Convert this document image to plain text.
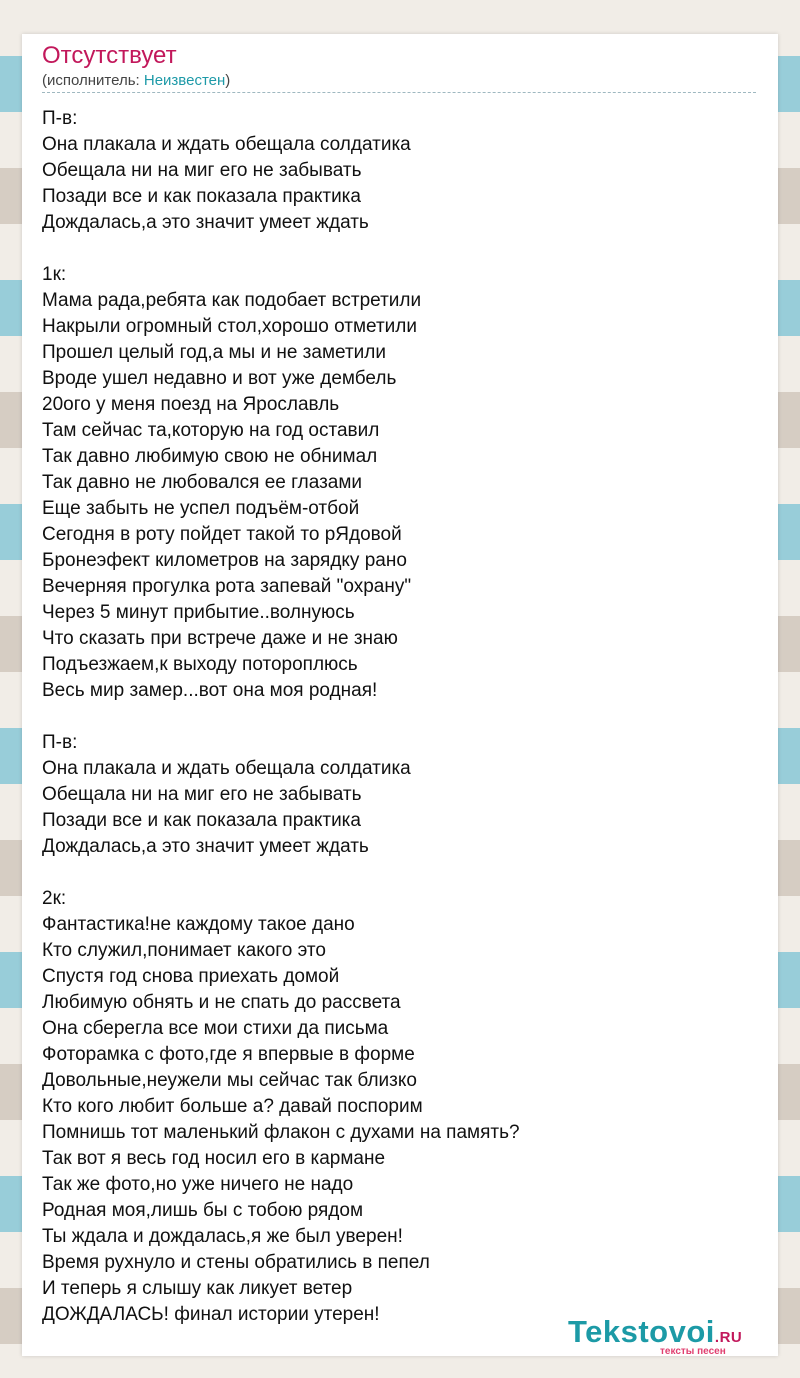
Отсутствует
(исполнитель: Неизвестен)
П-в:
Она плакала и ждать обещала солдатика
Обещала ни на миг его не забывать
Позади все и как показала практика
Дождалась,а это значит умеет ждать
1к:
Мама рада,ребята как подобает встретили
Накрыли огромный стол,хорошо отметили
Прошел целый год,а мы и не заметили
Вроде ушел недавно и вот уже дембель
20ого у меня поезд на Ярославль
Там сейчас та,которую на год оставил
Так давно любимую свою не обнимал
Так давно не любовался ее глазами
Еще забыть не успел подъём-отбой
Сегодня в роту пойдет такой то рЯдовой
Бронеэфект километров на зарядку рано
Вечерняя прогулка рота запевай "охрану"
Через 5 минут прибытие..волнуюсь
Что сказать при встрече даже и не знаю
Подъезжаем,к выходу потороплюсь
Весь мир замер...вот она моя родная!
П-в:
Она плакала и ждать обещала солдатика
Обещала ни на миг его не забывать
Позади все и как показала практика
Дождалась,а это значит умеет ждать
2к:
Фантастика!не каждому такое дано
Кто служил,понимает какого это
Спустя год снова приехать домой
Любимую обнять и не спать до рассвета
Она сберегла все мои стихи да письма
Фоторамка с фото,где я впервые в форме
Довольные,неужели мы сейчас так близко
Кто кого любит больше а? давай поспорим
Помнишь тот маленький флакон с духами на память?
Так вот я весь год носил его в кармане
Так же фото,но уже ничего не надо
Родная моя,лишь бы с тобою рядом
Ты ждала и дождалась,я же был уверен!
Время рухнуло и стены обратились в пепел
И теперь я слышу как ликует ветер
ДОЖДАЛАСЬ! финал истории утерен!	Tekstovoi.RU
тексты песен
